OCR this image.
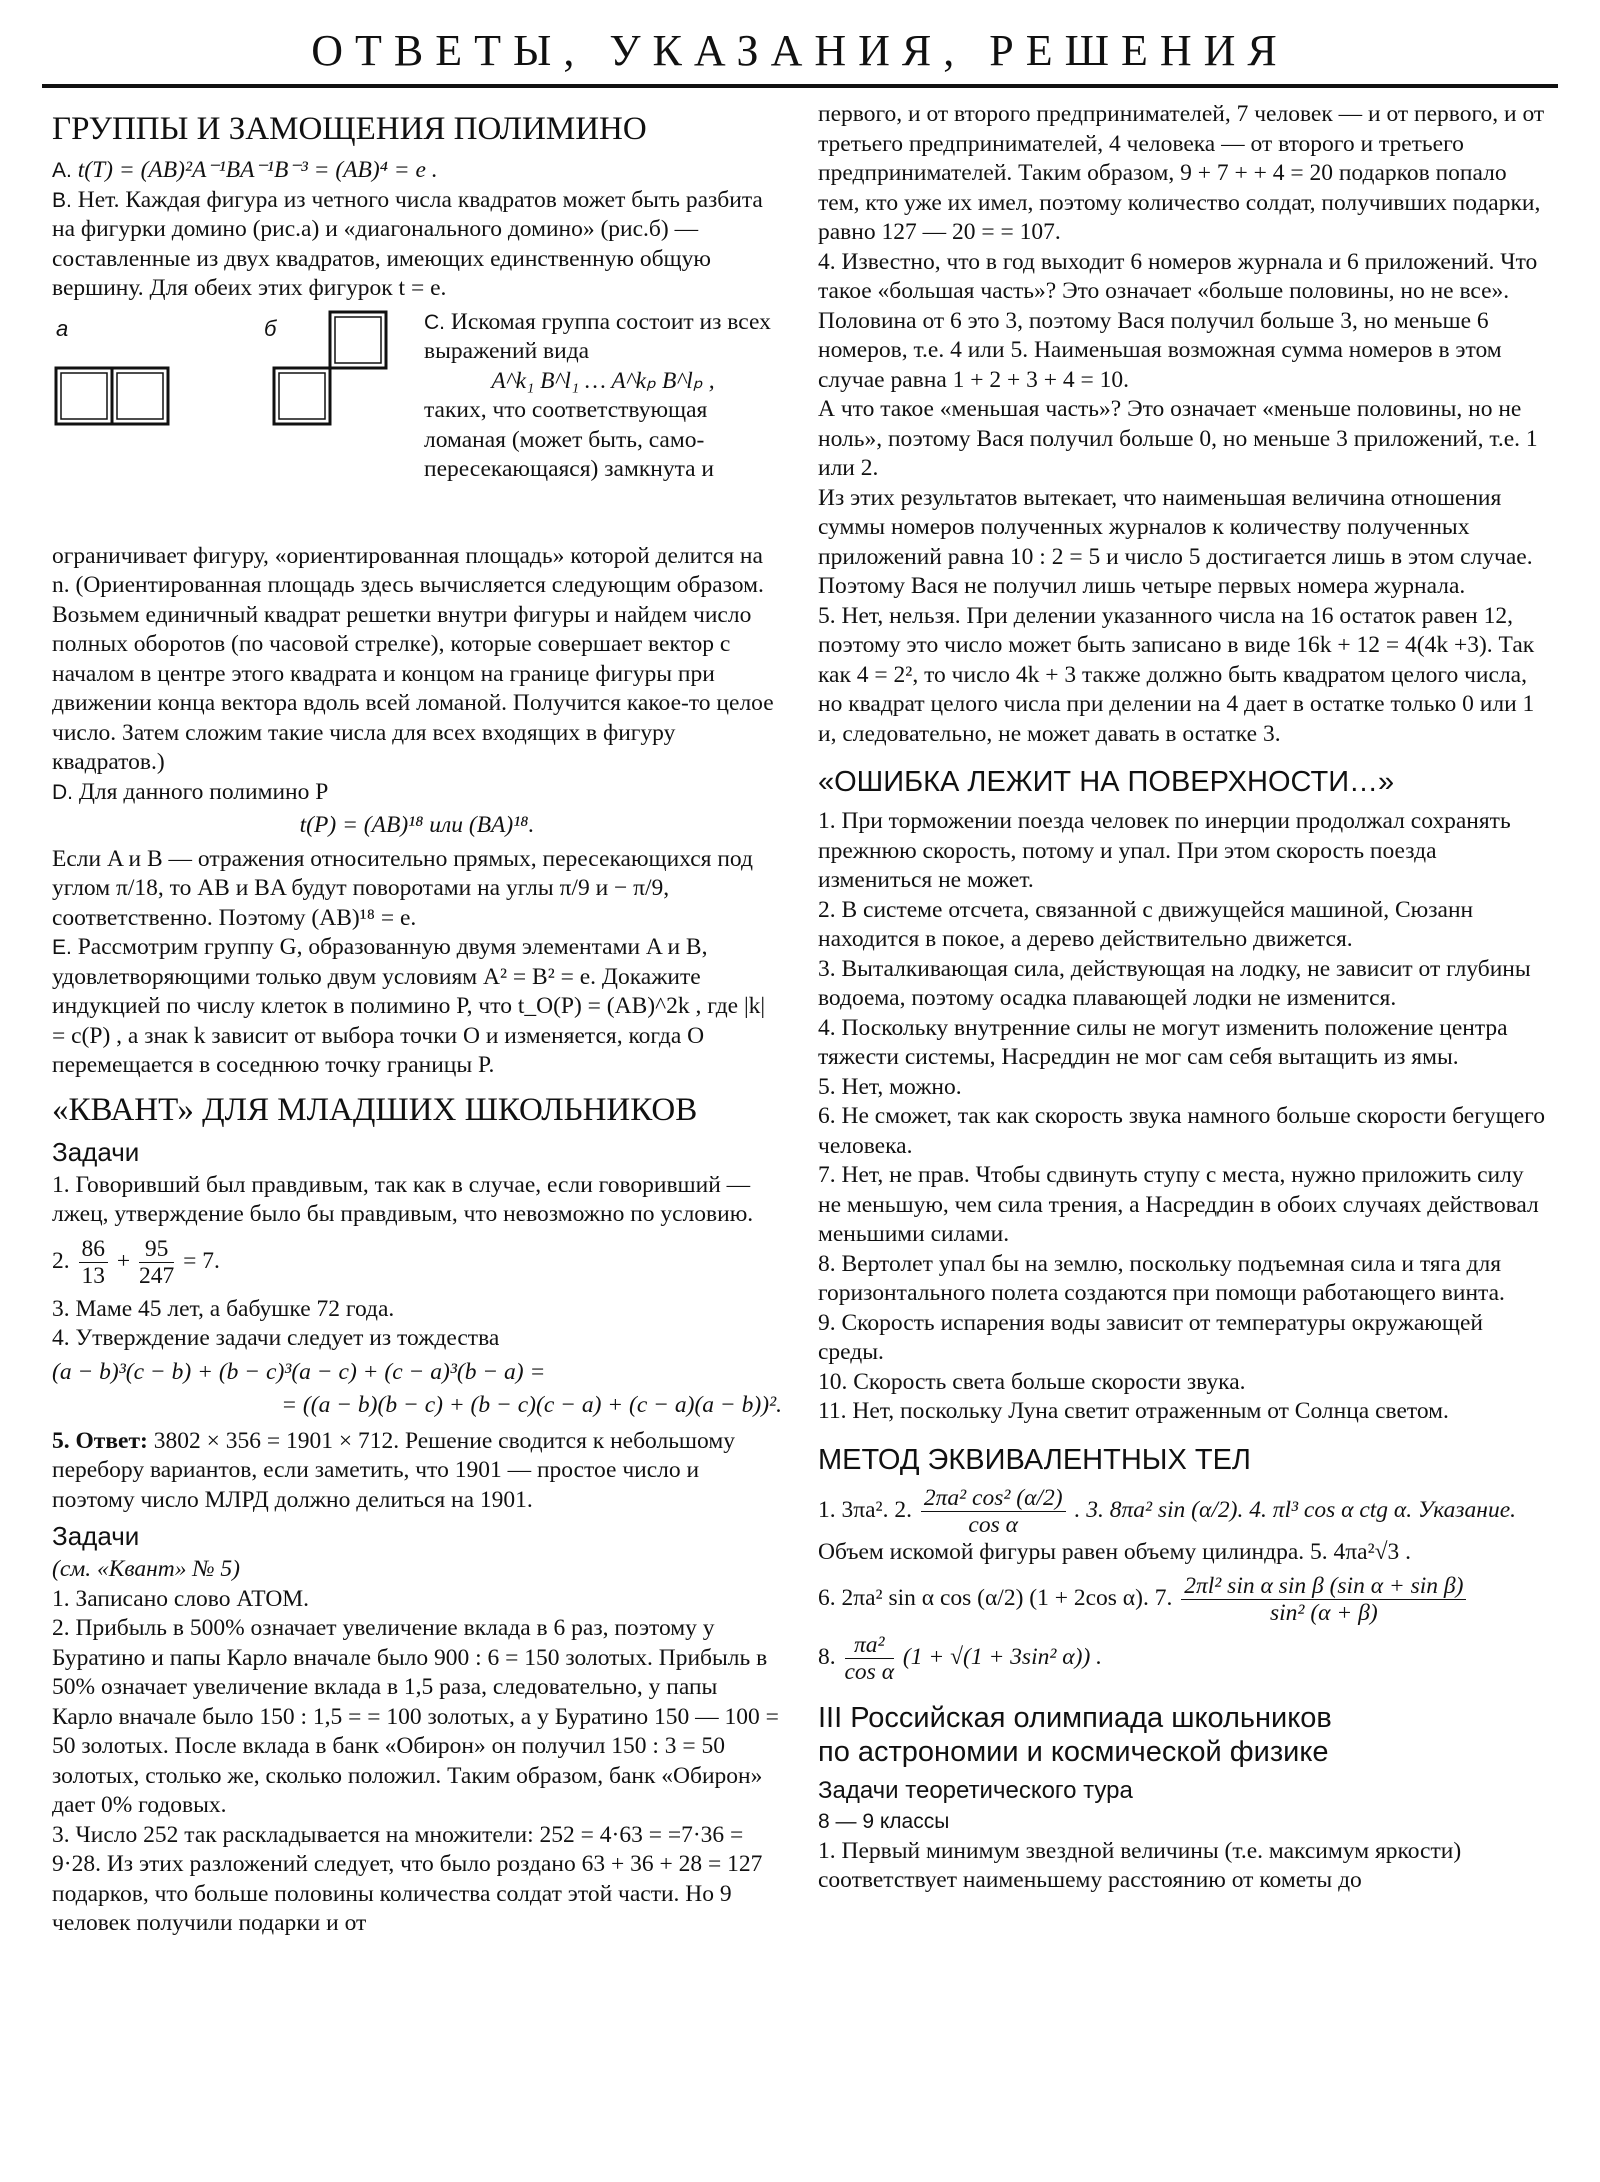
ОТВЕТЫ, УКАЗАНИЯ, РЕШЕНИЯ
ГРУППЫ И ЗАМОЩЕНИЯ ПОЛИМИНО

A. t(T) = (AB)²A⁻¹BA⁻¹B⁻³ = (AB)⁴ = e .

B. Нет. Каждая фигура из четного числа квадратов может быть разбита на фигурки домино (рис.а) и «диагонального домино» (рис.б) — составленные из двух квадратов, имеющих единственную общую вершину. Для обеих этих фигурок t = e.

а	б	C. Искомая группа состоит из всех выражений вида

A^k₁ B^l₁ … A^kₚ B^lₚ ,

таких, что соответствующая ломаная (может быть, самопересекающаяся) замкнута и

ограничивает фигуру, «ориентированная площадь» которой делится на n. (Ориентированная площадь здесь вычисляется следующим образом. Возьмем единичный квадрат решетки внутри фигуры и найдем число полных оборотов (по часовой стрелке), которые совершает вектор с началом в центре этого квадрата и концом на границе фигуры при движении конца вектора вдоль всей ломаной. Получится какое-то целое число. Затем сложим такие числа для всех входящих в фигуру квадратов.)

D. Для данного полимино P

t(P) = (AB)¹⁸ или (BA)¹⁸.

Если A и B — отражения относительно прямых, пересекающихся под углом π/18, то AB и BA будут поворотами на углы π/9 и − π/9, соответственно. Поэтому (AB)¹⁸ = e.

E. Рассмотрим группу G, образованную двумя элементами A и B, удовлетворяющими только двум условиям A² = B² = e. Докажите индукцией по числу клеток в полимино P, что t_O(P) = (AB)^2k , где |k| = c(P) , а знак k зависит от выбора точки O и изменяется, когда O перемещается в соседнюю точку границы P.

«КВАНТ» ДЛЯ МЛАДШИХ ШКОЛЬНИКОВ
Задачи

1. Говоривший был правдивым, так как в случае, если говоривший — лжец, утверждение было бы правдивым, что невозможно по условию.

2. $\frac{86}{13} + \frac{95}{247} = 7$.

3. Маме 45 лет, а бабушке 72 года.

4. Утверждение задачи следует из тождества

(a − b)³(c − b) + (b − c)³(a − c) + (c − a)³(b − a) =

= ((a − b)(b − c) + (b − c)(c − a) + (c − a)(a − b))².

5. Ответ: 3802 × 356 = 1901 × 712. Решение сводится к небольшому перебору вариантов, если заметить, что 1901 — простое число и поэтому число МЛРД должно делиться на 1901.

Задачи

(см. «Квант» № 5)

1. Записано слово АТОМ.

2. Прибыль в 500% означает увеличение вклада в 6 раз, поэтому у Буратино и папы Карло вначале было 900 : 6 = 150 золотых. Прибыль в 50% означает увеличение вклада в 1,5 раза, следовательно, у папы Карло вначале было 150 : 1,5 = = 100 золотых, а у Буратино 150 — 100 = 50 золотых. После вклада в банк «Обирон» он получил 150 : 3 = 50 золотых, столько же, сколько положил. Таким образом, банк «Обирон» дает 0% годовых.

3. Число 252 так раскладывается на множители: 252 = 4·63 = =7·36 = 9·28. Из этих разложений следует, что было роздано 63 + 36 + 28 = 127 подарков, что больше половины количества солдат этой части. Но 9 человек получили подарки и от

первого, и от второго предпринимателей, 7 человек — и от первого, и от третьего предпринимателей, 4 человека — от второго и третьего предпринимателей. Таким образом, 9 + 7 + + 4 = 20 подарков попало тем, кто уже их имел, поэтому количество солдат, получивших подарки, равно 127 — 20 = = 107.

4. Известно, что в год выходит 6 номеров журнала и 6 приложений. Что такое «большая часть»? Это означает «больше половины, но не все». Половина от 6 это 3, поэтому Вася получил больше 3, но меньше 6 номеров, т.е. 4 или 5. Наименьшая возможная сумма номеров в этом случае равна 1 + 2 + 3 + 4 = 10.

А что такое «меньшая часть»? Это означает «меньше половины, но не ноль», поэтому Вася получил больше 0, но меньше 3 приложений, т.е. 1 или 2.

Из этих результатов вытекает, что наименьшая величина отношения суммы номеров полученных журналов к количеству полученных приложений равна 10 : 2 = 5 и число 5 достигается лишь в этом случае. Поэтому Вася не получил лишь четыре первых номера журнала.

5. Нет, нельзя. При делении указанного числа на 16 остаток равен 12, поэтому это число может быть записано в виде 16k + 12 = 4(4k +3). Так как 4 = 2², то число 4k + 3 также должно быть квадратом целого числа, но квадрат целого числа при делении на 4 дает в остатке только 0 или 1 и, следовательно, не может давать в остатке 3.

«ОШИБКА ЛЕЖИТ НА ПОВЕРХНОСТИ…»

1. При торможении поезда человек по инерции продолжал сохранять прежнюю скорость, потому и упал. При этом скорость поезда измениться не может.

2. В системе отсчета, связанной с движущейся машиной, Сюзанн находится в покое, а дерево действительно движется.

3. Выталкивающая сила, действующая на лодку, не зависит от глубины водоема, поэтому осадка плавающей лодки не изменится.

4. Поскольку внутренние силы не могут изменить положение центра тяжести системы, Насреддин не мог сам себя вытащить из ямы.

5. Нет, можно.

6. Не сможет, так как скорость звука намного больше скорости бегущего человека.

7. Нет, не прав. Чтобы сдвинуть ступу с места, нужно приложить силу не меньшую, чем сила трения, а Насреддин в обоих случаях действовал меньшими силами.

8. Вертолет упал бы на землю, поскольку подъемная сила и тяга для горизонтального полета создаются при помощи работающего винта.

9. Скорость испарения воды зависит от температуры окружающей среды.

10. Скорость света больше скорости звука.

11. Нет, поскольку Луна светит отраженным от Солнца светом.

МЕТОД ЭКВИВАЛЕНТНЫХ ТЕЛ

1. 3πa². 2. $\frac{\text{2πa² cos² (α/2)}}{\text{cos α}}$ . 3. 8πa² sin (α/2). 4. πl³ cos α ctg α. Указание.

Объем искомой фигуры равен объему цилиндра. 5. 4πa²√3 .

6. 2πa² sin α cos (α/2) (1 + 2cos α). 7. $\frac{\text{2πl² sin α sin β (sin α + sin β)}}{\text{sin² (α + β)}}$

8. $\frac{\text{πa²}}{\text{cos α}} (1 + √(1 + 3\sin^2$ α)) .

III Российская олимпиада школьников
по астрономии и космической физике
Задачи теоретического тура

8 — 9 классы

1. Первый минимум звездной величины (т.е. максимум яркости) соответствует наименьшему расстоянию от кометы до
